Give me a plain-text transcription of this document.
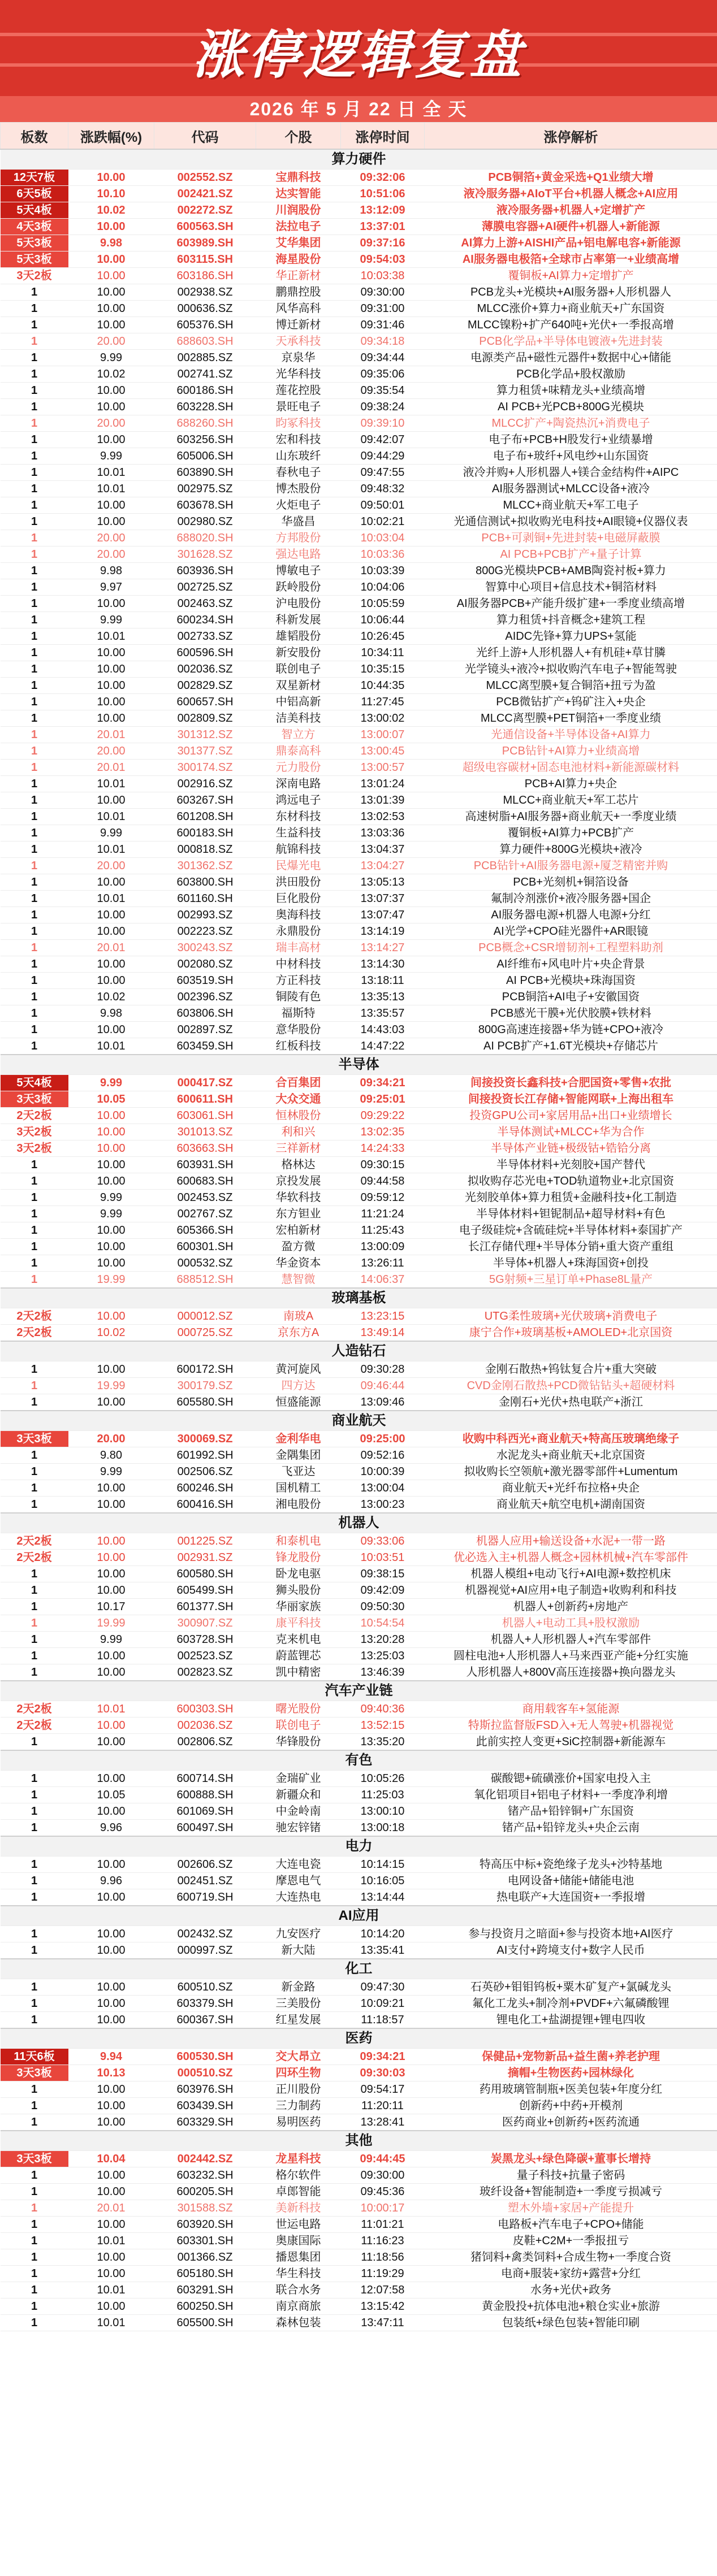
涨停逻辑复盘
2026 年 5 月 22 日 全 天
板数	涨跌幅(%)	代码	个股	涨停时间	涨停解析
算力硬件					
12天7板	10.00	002552.SZ	宝鼎科技	09:32:06	PCB铜箔+黄金采选+Q1业绩大增
6天5板	10.10	002421.SZ	达实智能	10:51:06	液冷服务器+AIoT平台+机器人概念+AI应用
5天4板	10.02	002272.SZ	川润股份	13:12:09	液冷服务器+机器人+定增扩产
4天3板	10.00	600563.SH	法拉电子	13:37:01	薄膜电容器+AI硬件+机器人+新能源
5天3板	9.98	603989.SH	艾华集团	09:37:16	AI算力上游+AISHI产品+铝电解电容+新能源
5天3板	10.00	603115.SH	海星股份	09:54:03	AI服务器电极箔+全球市占率第一+业绩高增
3天2板	10.00	603186.SH	华正新材	10:03:38	覆铜板+AI算力+定增扩产
1	10.00	002938.SZ	鹏鼎控股	09:30:00	PCB龙头+光模块+AI服务器+人形机器人
1	10.00	000636.SZ	风华高科	09:31:00	MLCC涨价+算力+商业航天+广东国资
1	10.00	605376.SH	博迁新材	09:31:46	MLCC镍粉+扩产640吨+光伏+一季报高增
1	20.00	688603.SH	天承科技	09:34:18	PCB化学品+半导体电镀液+先进封装
1	9.99	002885.SZ	京泉华	09:34:44	电源类产品+磁性元器件+数据中心+储能
1	10.02	002741.SZ	光华科技	09:35:06	PCB化学品+股权激励
1	10.00	600186.SH	莲花控股	09:35:54	算力租赁+味精龙头+业绩高增
1	10.00	603228.SH	景旺电子	09:38:24	AI PCB+光PCB+800G光模块
1	20.00	688260.SH	昀冢科技	09:39:10	MLCC扩产+陶瓷热沉+消费电子
1	10.00	603256.SH	宏和科技	09:42:07	电子布+PCB+H股发行+业绩暴增
1	9.99	605006.SH	山东玻纤	09:44:29	电子布+玻纤+风电纱+山东国资
1	10.01	603890.SH	春秋电子	09:47:55	液冷并购+人形机器人+镁合金结构件+AIPC
1	10.01	002975.SZ	博杰股份	09:48:32	AI服务器测试+MLCC设备+液冷
1	10.00	603678.SH	火炬电子	09:50:01	MLCC+商业航天+军工电子
1	10.00	002980.SZ	华盛昌	10:02:21	光通信测试+拟收购光电科技+AI眼镜+仪器仪表
1	20.00	688020.SH	方邦股份	10:03:04	PCB+可剥铜+先进封装+电磁屏蔽膜
1	20.00	301628.SZ	强达电路	10:03:36	AI PCB+PCB扩产+量子计算
1	9.98	603936.SH	博敏电子	10:03:39	800G光模块PCB+AMB陶瓷衬板+算力
1	9.97	002725.SZ	跃岭股份	10:04:06	智算中心项目+信息技术+铜箔材料
1	10.00	002463.SZ	沪电股份	10:05:59	AI服务器PCB+产能升级扩建+一季度业绩高增
1	9.99	600234.SH	科新发展	10:06:44	算力租赁+抖音概念+建筑工程
1	10.01	002733.SZ	雄韬股份	10:26:45	AIDC先锋+算力UPS+氢能
1	10.00	600596.SH	新安股份	10:34:11	光纤上游+人形机器人+有机硅+草甘膦
1	10.00	002036.SZ	联创电子	10:35:15	光学镜头+液冷+拟收购汽车电子+智能驾驶
1	10.00	002829.SZ	双星新材	10:44:35	MLCC离型膜+复合铜箔+扭亏为盈
1	10.00	600657.SH	中铝高新	11:27:45	PCB微钻扩产+钨矿注入+央企
1	10.00	002809.SZ	洁美科技	13:00:02	MLCC离型膜+PET铜箔+一季度业绩
1	20.01	301312.SZ	智立方	13:00:07	光通信设备+半导体设备+AI算力
1	20.00	301377.SZ	鼎泰高科	13:00:45	PCB钻针+AI算力+业绩高增
1	20.01	300174.SZ	元力股份	13:00:57	超级电容碳材+固态电池材料+新能源碳材料
1	10.01	002916.SZ	深南电路	13:01:24	PCB+AI算力+央企
1	10.00	603267.SH	鸿远电子	13:01:39	MLCC+商业航天+军工芯片
1	10.01	601208.SH	东材科技	13:02:53	高速树脂+AI服务器+商业航天+一季度业绩
1	9.99	600183.SH	生益科技	13:03:36	覆铜板+AI算力+PCB扩产
1	10.01	000818.SZ	航锦科技	13:04:37	算力硬件+800G光模块+液冷
1	20.00	301362.SZ	民爆光电	13:04:27	PCB钻针+AI服务器电源+厦芝精密并购
1	10.00	603800.SH	洪田股份	13:05:13	PCB+光刻机+铜箔设备
1	10.01	601160.SH	巨化股份	13:07:37	氟制冷剂涨价+液冷服务器+国企
1	10.00	002993.SZ	奥海科技	13:07:47	AI服务器电源+机器人电源+分红
1	10.00	002223.SZ	永鼎股份	13:14:19	AI光学+CPO硅光器件+AR眼镜
1	20.01	300243.SZ	瑞丰高材	13:14:27	PCB概念+CSR增韧剂+工程塑料助剂
1	10.00	002080.SZ	中材科技	13:14:30	AI纤维布+风电叶片+央企背景
1	10.00	603519.SH	方正科技	13:18:11	AI PCB+光模块+珠海国资
1	10.02	002396.SZ	铜陵有色	13:35:13	PCB铜箔+AI电子+安徽国资
1	9.98	603806.SH	福斯特	13:35:57	PCB感光干膜+光伏胶膜+铁材料
1	10.00	002897.SZ	意华股份	14:43:03	800G高速连接器+华为链+CPO+液冷
1	10.01	603459.SH	红板科技	14:47:22	AI PCB扩产+1.6T光模块+存储芯片
半导体					
5天4板	9.99	000417.SZ	合百集团	09:34:21	间接投资长鑫科技+合肥国资+零售+农批
3天3板	10.05	600611.SH	大众交通	09:25:01	间接投资长江存储+智能网联+上海出租车
2天2板	10.00	603061.SH	恒林股份	09:29:22	投资GPU公司+家居用品+出口+业绩增长
3天2板	10.00	301013.SZ	利和兴	13:02:35	半导体测试+MLCC+华为合作
3天2板	10.00	603663.SH	三祥新材	14:24:33	半导体产业链+极级钴+锆铪分离
1	10.00	603931.SH	格林达	09:30:15	半导体材料+光刻胶+国产替代
1	10.00	600683.SH	京投发展	09:44:58	拟收购存芯光电+TOD轨道物业+北京国资
1	9.99	002453.SZ	华软科技	09:59:12	光刻胶单体+算力租赁+金融科技+化工制造
1	9.99	002767.SZ	东方钽业	11:21:24	半导体材料+钽铌制品+超导材料+有色
1	10.00	605366.SH	宏柏新材	11:25:43	电子级硅烷+含硫硅烷+半导体材料+泰国扩产
1	10.00	600301.SH	盈方微	13:00:09	长江存储代理+半导体分销+重大资产重组
1	10.00	000532.SZ	华金资本	13:26:11	半导体+机器人+珠海国资+创投
1	19.99	688512.SH	慧智微	14:06:37	5G射频+三星订单+Phase8L量产
玻璃基板					
2天2板	10.00	000012.SZ	南玻A	13:23:15	UTG柔性玻璃+光伏玻璃+消费电子
2天2板	10.02	000725.SZ	京东方A	13:49:14	康宁合作+玻璃基板+AMOLED+北京国资
人造钻石					
1	10.00	600172.SH	黄河旋风	09:30:28	金刚石散热+钨钛复合片+重大突破
1	19.99	300179.SZ	四方达	09:46:44	CVD金刚石散热+PCD微钻钻头+超硬材料
1	10.00	605580.SH	恒盛能源	13:09:46	金刚石+光伏+热电联产+浙江
商业航天					
3天3板	20.00	300069.SZ	金利华电	09:25:00	收购中科西光+商业航天+特高压玻璃绝缘子
1	9.80	601992.SH	金隅集团	09:52:16	水泥龙头+商业航天+北京国资
1	9.99	002506.SZ	飞亚达	10:00:39	拟收购长空领航+激光器零部件+Lumentum
1	10.00	600246.SH	国机精工	13:00:04	商业航天+光纤布拉格+央企
1	10.00	600416.SH	湘电股份	13:00:23	商业航天+航空电机+湖南国资
机器人					
2天2板	10.00	001225.SZ	和泰机电	09:33:06	机器人应用+输送设备+水泥+一带一路
2天2板	10.00	002931.SZ	锋龙股份	10:03:51	优必选入主+机器人概念+园林机械+汽车零部件
1	10.00	600580.SH	卧龙电驱	09:38:15	机器人模组+电动飞行+AI电源+数控机床
1	10.00	605499.SH	狮头股份	09:42:09	机器视觉+AI应用+电子制造+收购利和科技
1	10.17	601377.SH	华丽家族	09:50:30	机器人+创新药+房地产
1	19.99	300907.SZ	康平科技	10:54:54	机器人+电动工具+股权激励
1	9.99	603728.SH	克来机电	13:20:28	机器人+人形机器人+汽车零部件
1	10.00	002523.SZ	蔚蓝锂芯	13:25:03	圆柱电池+人形机器人+马来西亚产能+分红实施
1	10.00	002823.SZ	凯中精密	13:46:39	人形机器人+800V高压连接器+换向器龙头
汽车产业链					
2天2板	10.01	600303.SH	曙光股份	09:40:36	商用载客车+氢能源
2天2板	10.00	002036.SZ	联创电子	13:52:15	特斯拉监督版FSD入+无人驾驶+机器视觉
1	10.00	002806.SZ	华锋股份	13:35:20	此前实控人变更+SiC控制器+新能源车
有色					
1	10.00	600714.SH	金瑞矿业	10:05:26	碳酸锶+硫磺涨价+国家电投入主
1	10.05	600888.SH	新疆众和	11:25:03	氧化铝项目+铝电子材料+一季度净利增
1	10.00	601069.SH	中金岭南	13:00:10	锗产品+铅锌铜+广东国资
1	9.96	600497.SH	驰宏锌锗	13:00:18	锗产品+铅锌龙头+央企云南
电力					
1	10.00	002606.SZ	大连电瓷	10:14:15	特高压中标+瓷绝缘子龙头+沙特基地
1	9.96	002451.SZ	摩恩电气	10:16:05	电网设备+储能+储能电池
1	10.00	600719.SH	大连热电	13:14:44	热电联产+大连国资+一季报增
AI应用					
1	10.00	002432.SZ	九安医疗	10:14:20	参与投资月之暗面+参与投资本地+AI医疗
1	10.00	000997.SZ	新大陆	13:35:41	AI支付+跨境支付+数字人民币
化工					
1	10.00	600510.SZ	新金路	09:47:30	石英砂+钼钼钨板+粟木矿复产+氯碱龙头
1	10.00	603379.SH	三美股份	10:09:21	氟化工龙头+制冷剂+PVDF+六氟磷酸锂
1	10.00	600367.SH	红星发展	11:18:57	锂电化工+盐湖提锂+锂电四收
医药					
11天6板	9.94	600530.SH	交大昂立	09:34:21	保健品+宠物新品+益生菌+养老护理
3天3板	10.13	000510.SZ	四环生物	09:30:03	摘帽+生物医药+园林绿化
1	10.00	603976.SH	正川股份	09:54:17	药用玻璃管制瓶+医美包装+年度分红
1	10.00	603439.SH	三力制药	11:20:11	创新药+中药+开模剂
1	10.00	603329.SH	易明医药	13:28:41	医药商业+创新药+医药流通
其他					
3天3板	10.04	002442.SZ	龙星科技	09:44:45	炭黑龙头+绿色降碳+董事长增持
1	10.00	603232.SH	格尔软件	09:30:00	量子科技+抗量子密码
1	10.00	600205.SH	卓郎智能	09:45:36	玻纤设备+智能制造+一季度亏损减亏
1	20.01	301588.SZ	美新科技	10:00:17	塑木外墙+家居+产能提升
1	10.00	603920.SH	世运电路	11:01:21	电路板+汽车电子+CPO+储能
1	10.01	603301.SH	奥康国际	11:16:23	皮鞋+C2M+一季报扭亏
1	10.00	001366.SZ	播恩集团	11:18:56	猪饲料+禽类饲料+合成生物+一季度合资
1	10.00	605180.SH	华生科技	11:19:29	电商+服装+家纺+露营+分红
1	10.01	603291.SH	联合水务	12:07:58	水务+光伏+政务
1	10.00	600250.SH	南京商旅	13:15:42	黄金股投+抗体电池+粮仓实业+旅游
1	10.01	605500.SH	森林包装	13:47:11	包装纸+绿色包装+智能印刷
